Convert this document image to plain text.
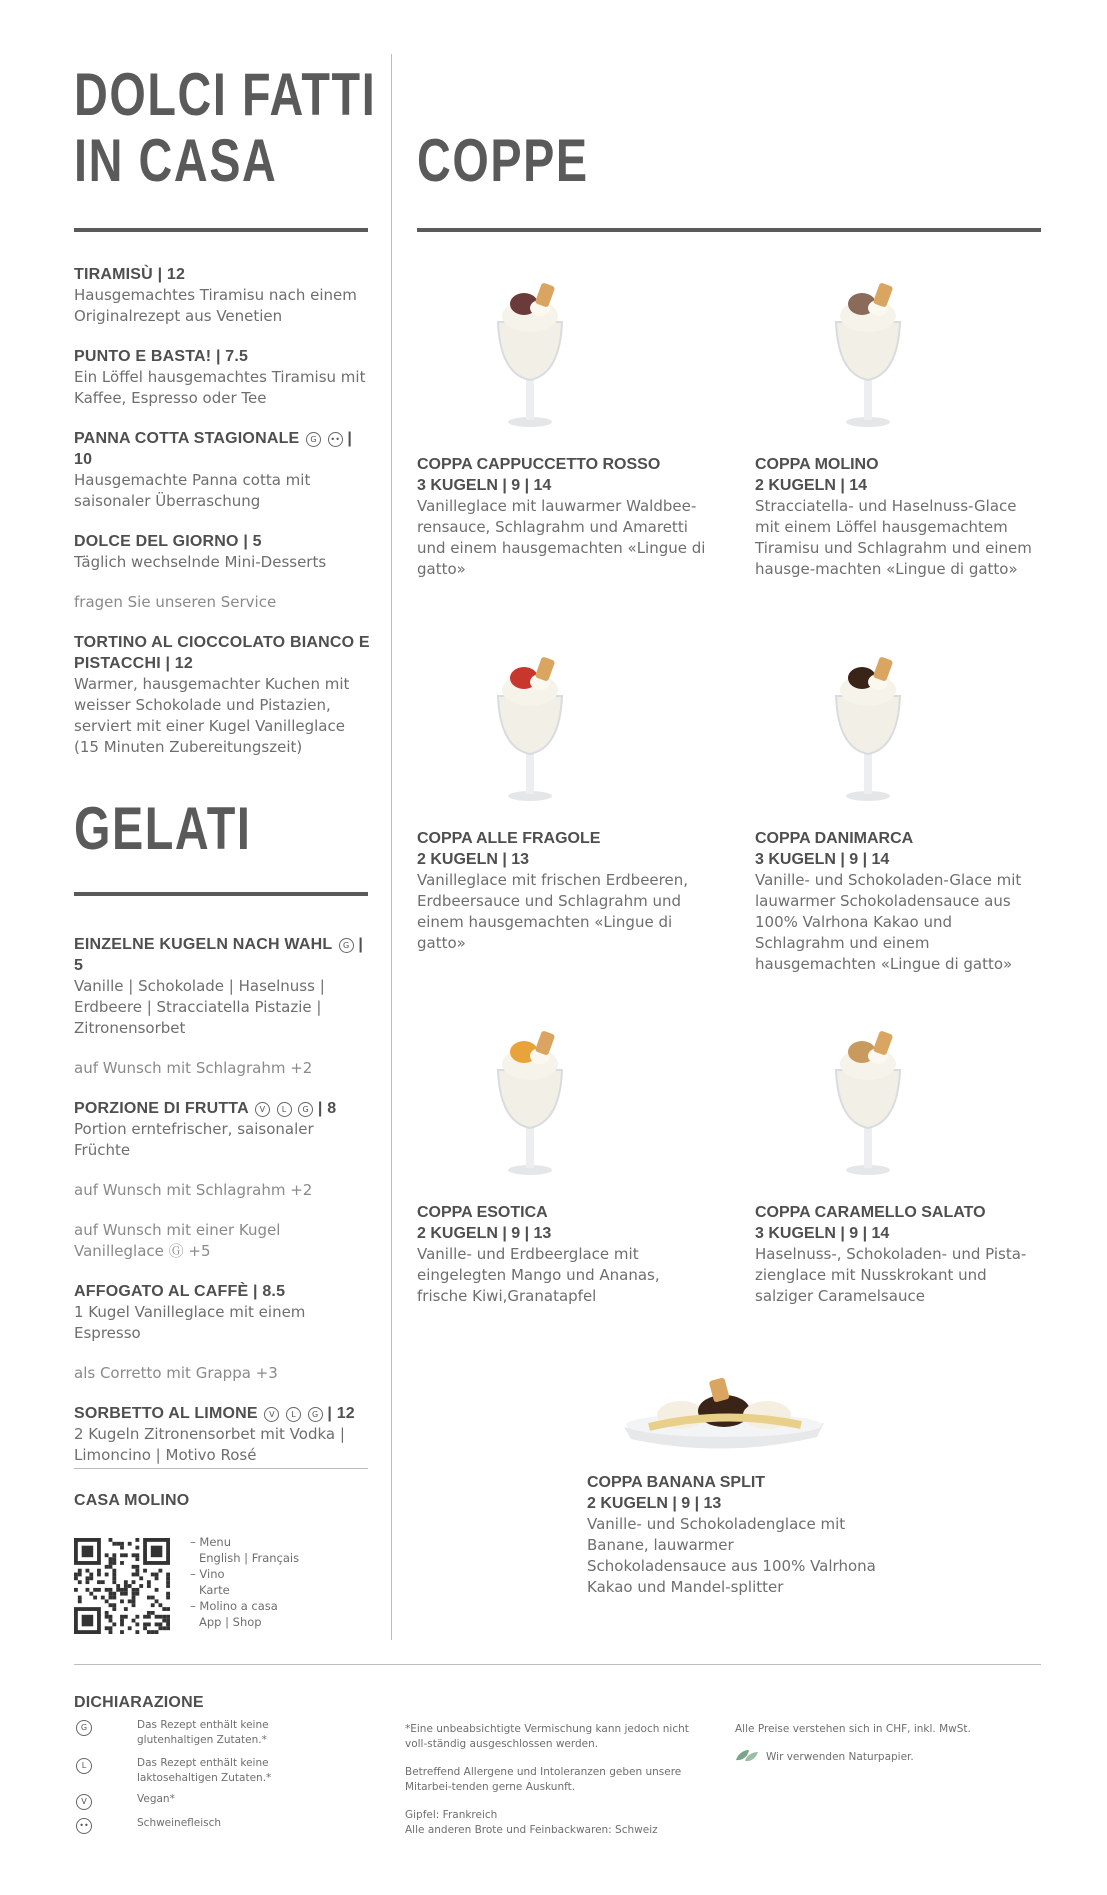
DOLCI FATTI
IN CASA
TIRAMISÙ | 12
Hausgemachtes Tiramisu nach einem Originalrezept aus Venetien
PUNTO E BASTA! | 7.5
Ein Löffel hausgemachtes Tiramisu mit Kaffee, Espresso oder Tee
PANNA COTTA STAGIONALE G •• | 10
Hausgemachte Panna cotta mit saisonaler Überraschung
DOLCE DEL GIORNO | 5
Täglich wechselnde Mini-Desserts
fragen Sie unseren Service
TORTINO AL CIOCCOLATO BIANCO E PISTACCHI | 12
Warmer, hausgemachter Kuchen mit weisser Schokolade und Pistazien, serviert mit einer Kugel Vanilleglace (15 Minuten Zubereitungszeit)
GELATI
EINZELNE KUGELN NACH WAHL G | 5
Vanille | Schokolade | Haselnuss | Erdbeere | Stracciatella Pistazie | Zitronensorbet
auf Wunsch mit Schlagrahm +2
PORZIONE DI FRUTTA V L G | 8
Portion erntefrischer, saisonaler Früchte
auf Wunsch mit Schlagrahm +2
auf Wunsch mit einer Kugel Vanilleglace Ⓖ +5
AFFOGATO AL CAFFÈ | 8.5
1 Kugel Vanilleglace mit einem Espresso
als Corretto mit Grappa +3
SORBETTO AL LIMONE V L G | 12
2 Kugeln Zitronensorbet mit Vodka | Limoncino | Motivo Rosé
CASA MOLINO
– Menu
English | Français
– Vino
Karte
– Molino a casa
App | Shop
COPPE
COPPA CAPPUCCETTO ROSSO
3 KUGELN | 9 | 14
Vanilleglace mit lauwarmer Waldbee-rensauce, Schlagrahm und Amaretti und einem hausgemachten «Lingue di gatto»
COPPA MOLINO
2 KUGELN | 14
Stracciatella- und Haselnuss-Glace mit einem Löffel hausgemachtem Tiramisu und Schlagrahm und einem hausge-machten «Lingue di gatto»
COPPA ALLE FRAGOLE
2 KUGELN | 13
Vanilleglace mit frischen Erdbeeren, Erdbeersauce und Schlagrahm und einem hausgemachten «Lingue di gatto»
COPPA DANIMARCA
3 KUGELN | 9 | 14
Vanille- und Schokoladen-Glace mit lauwarmer Schokoladensauce aus 100% Valrhona Kakao und Schlagrahm und einem hausgemachten «Lingue di gatto»
COPPA ESOTICA
2 KUGELN | 9 | 13
Vanille- und Erdbeerglace mit eingelegten Mango und Ananas, frische Kiwi,Granatapfel
COPPA CARAMELLO SALATO
3 KUGELN | 9 | 14
Haselnuss-, Schokoladen- und Pista-zienglace mit Nusskrokant und salziger Caramelsauce
COPPA BANANA SPLIT
2 KUGELN | 9 | 13
Vanille- und Schokoladenglace mit Banane, lauwarmer Schokoladensauce aus 100% Valrhona Kakao und Mandel-splitter
DICHIARAZIONE
G	Das Rezept enthält keine glutenhaltigen Zutaten.*
L	Das Rezept enthält keine laktosehaltigen Zutaten.*
V	Vegan*
••	Schweinefleisch
*Eine unbeabsichtigte Vermischung kann jedoch nicht voll-ständig ausgeschlossen werden.
Betreffend Allergene und Intoleranzen geben unsere Mitarbei-tenden gerne Auskunft.
Gipfel: Frankreich
Alle anderen Brote und Feinbackwaren: Schweiz
Alle Preise verstehen sich in CHF, inkl. MwSt.
Wir verwenden Naturpapier.
